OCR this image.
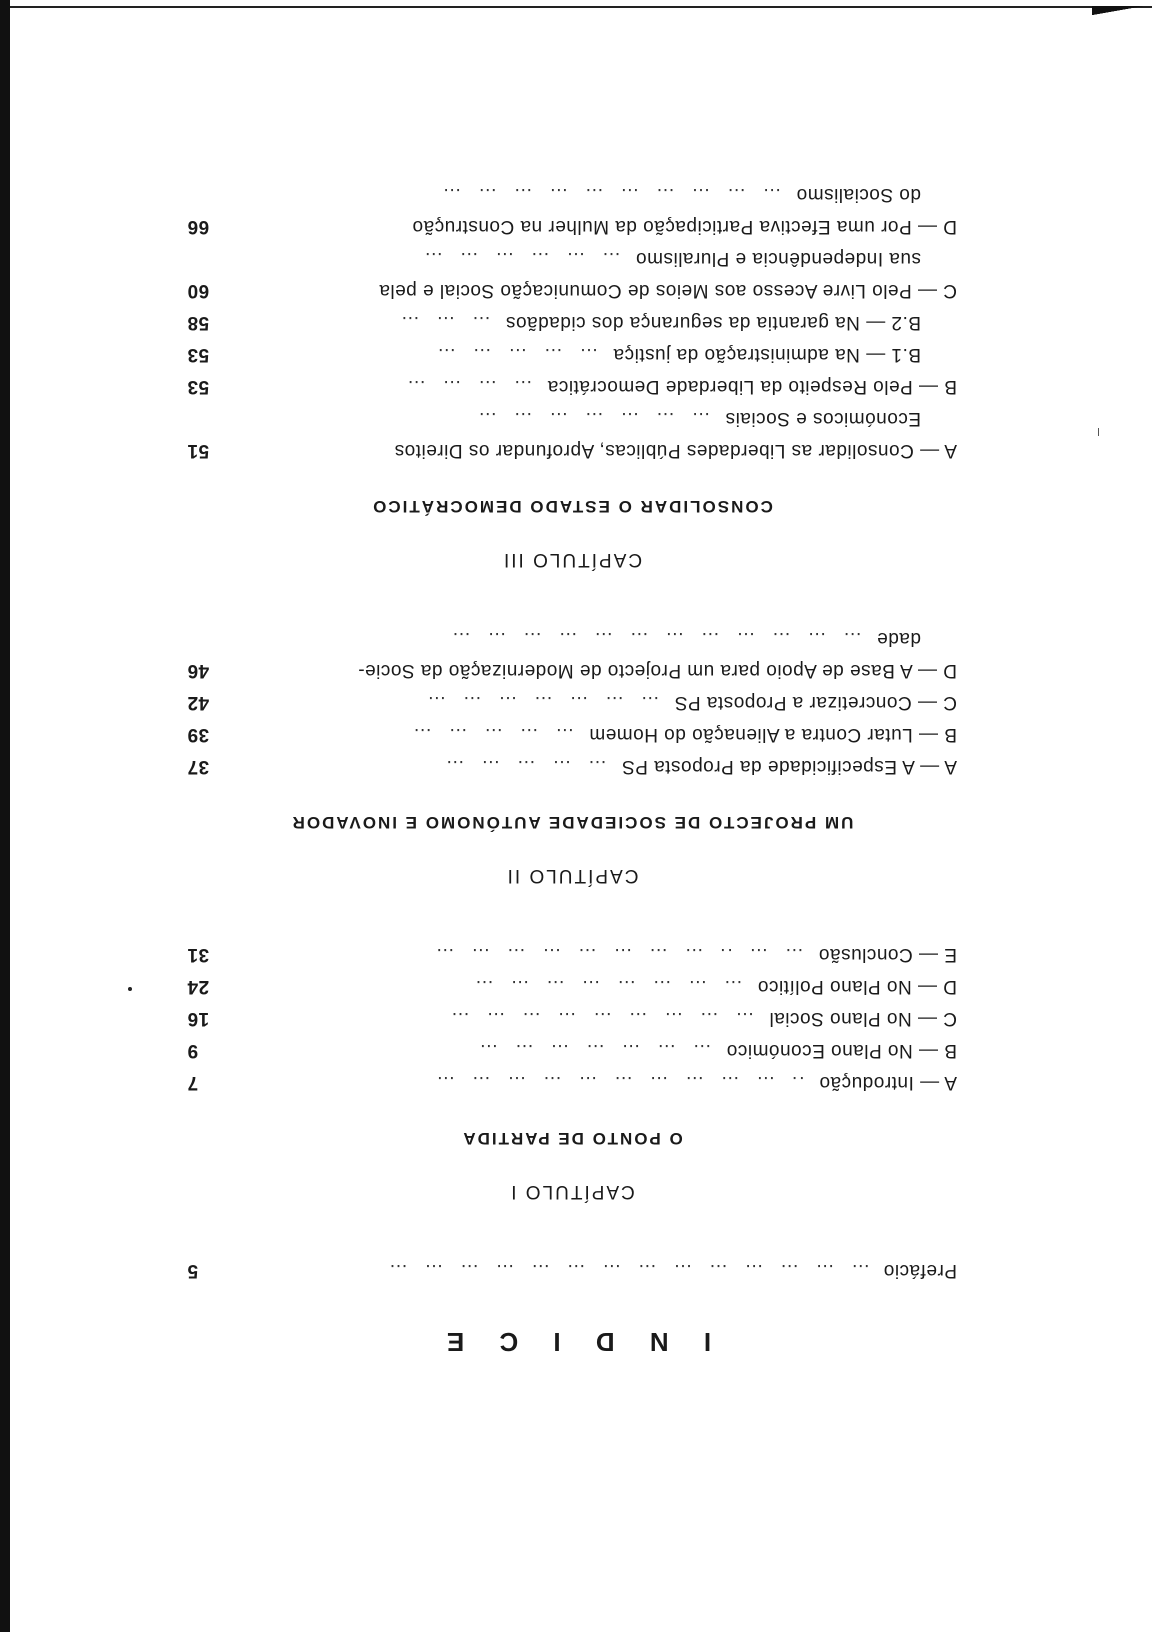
I N D I C E
Prefácio  …  …  …  …  …  …  …  …  …  …  …  …  …  …
5
CAPÍTULO I
O PONTO DE PARTIDA
A — Introdução  ..  …  …  …  …  …  …  …  …  …  …
7
B — No Plano Económico  …  …  …  …  …  …  …
9
C — No Plano Social  …  …  …  …  …  …  …  …  …
16
D — No Plano Político  …  …  …  …  …  …  …  …
24
E — Conclusão  …  …  ..  …  …  …  …  …  …  …  …
31
CAPÍTULO II
UM PROJECTO DE SOCIEDADE AUTÓNOMO E INOVADOR
A — A Especificidade da Proposta PS  …  …  …  …  …
37
B — Lutar Contra a Alienação do Homem  …  …  …  …  …
39
C — Concretizar a Proposta PS  …  …  …  …  …  …  …
42
D — A Base de Apoio para um Projecto de Modernização da Socie-
dade  …  …  …  …  …  …  …  …  …  …  …  …
46
CAPÍTULO III
CONSOLIDAR O ESTADO DEMOCRÁTICO
A — Consolidar as Liberdades Públicas, Aprofundar os Direitos
Económicos e Sociais  …  …  …  …  …  …  …
51
B — Pelo Respeito da Liberdade Democrática  …  …  …  …
53
B.1 — Na administração da justiça  …  …  …  …  …
53
B.2 — Na garantia da segurança dos cidadãos  …  …  …
58
C — Pelo Livre Acesso aos Meios de Comunicação Social e pela
sua Independência e Pluralismo  …  …  …  …  …  …
60
D — Por uma Efectiva Participação da Mulher na Construção
do Socialismo  …  …  …  …  …  …  …  …  …  …
66
